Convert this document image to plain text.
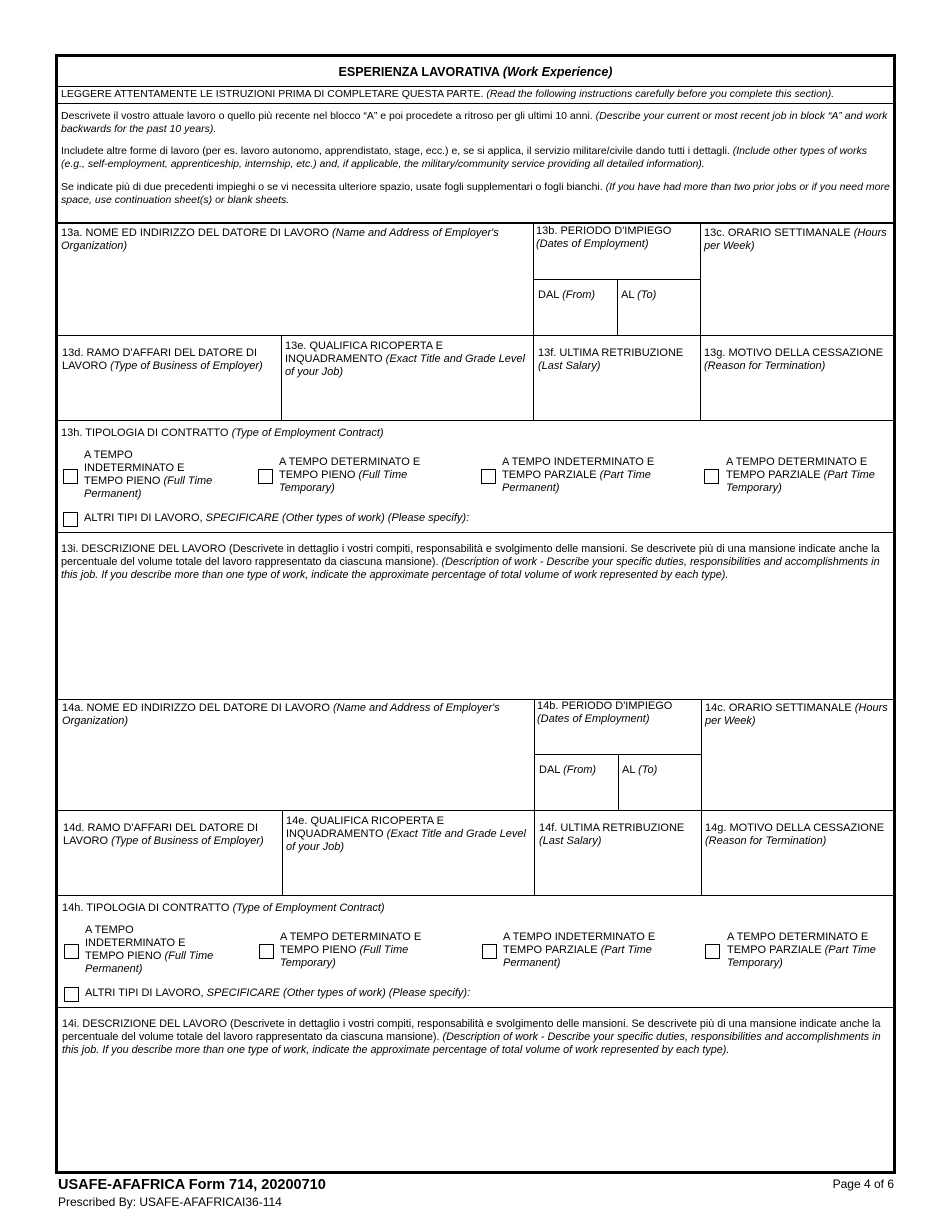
ESPERIENZA LAVORATIVA (Work Experience)
LEGGERE ATTENTAMENTE LE ISTRUZIONI PRIMA DI COMPLETARE QUESTA PARTE. (Read the following instructions carefully before you complete this section).
Descrivete il vostro attuale lavoro o quello più recente nel blocco “A” e poi procedete a ritroso per gli ultimi 10 anni. (Describe your current or most recent job in block “A” and work backwards for the past 10 years).
Includete altre forme di lavoro (per es. lavoro autonomo, apprendistato, stage, ecc.) e, se si applica, il servizio militare/civile dando tutti i dettagli. (Include other types of works (e.g., self-employment, apprenticeship, internship, etc.) and, if applicable, the military/community service providing all detailed information).
Se indicate più di due precedenti impieghi o se vi necessita ulteriore spazio, usate fogli supplementari o fogli bianchi. (If you have had more than two prior jobs or if you need more space, use continuation sheet(s) or blank sheets.
13a. NOME ED INDIRIZZO DEL DATORE DI LAVORO (Name and Address of Employer's Organization)
13b. PERIODO D'IMPIEGO
(Dates of Employment)
13c. ORARIO SETTIMANALE (Hours per Week)
DAL (From) AL (To)
13d. RAMO D'AFFARI DEL DATORE DI LAVORO (Type of Business of Employer)
13e. QUALIFICA RICOPERTA E INQUADRAMENTO (Exact Title and Grade Level of your Job)
13f. ULTIMA RETRIBUZIONE
(Last Salary)
13g. MOTIVO DELLA CESSAZIONE
(Reason for Termination)
13h. TIPOLOGIA DI CONTRATTO (Type of Employment Contract)
A TEMPO INDETERMINATO E TEMPO PIENO (Full Time Permanent)
A TEMPO DETERMINATO E TEMPO PIENO (Full Time Temporary)
A TEMPO INDETERMINATO E TEMPO PARZIALE (Part Time Permanent)
A TEMPO DETERMINATO E TEMPO PARZIALE (Part Time Temporary)
ALTRI TIPI DI LAVORO, SPECIFICARE (Other types of work) (Please specify):
13i. DESCRIZIONE DEL LAVORO (Descrivete in dettaglio i vostri compiti, responsabilità e svolgimento delle mansioni. Se descrivete più di una mansione indicate anche la percentuale del volume totale del lavoro rappresentato da ciascuna mansione). (Description of work - Describe your specific duties, responsibilities and accomplishments in this job. If you describe more than one type of work, indicate the approximate percentage of total volume of work represented by each type).
14a. NOME ED INDIRIZZO DEL DATORE DI LAVORO (Name and Address of Employer's Organization)
14b. PERIODO D'IMPIEGO
(Dates of Employment)
14c. ORARIO SETTIMANALE (Hours per Week)
DAL (From) AL (To)
14d. RAMO D'AFFARI DEL DATORE DI LAVORO (Type of Business of Employer)
14e. QUALIFICA RICOPERTA E INQUADRAMENTO (Exact Title and Grade Level of your Job)
14f. ULTIMA RETRIBUZIONE
(Last Salary)
14g. MOTIVO DELLA CESSAZIONE
(Reason for Termination)
14h. TIPOLOGIA DI CONTRATTO (Type of Employment Contract)
A TEMPO INDETERMINATO E TEMPO PIENO (Full Time Permanent)
A TEMPO DETERMINATO E TEMPO PIENO (Full Time Temporary)
A TEMPO INDETERMINATO E TEMPO PARZIALE (Part Time Permanent)
A TEMPO DETERMINATO E TEMPO PARZIALE (Part Time Temporary)
ALTRI TIPI DI LAVORO, SPECIFICARE (Other types of work) (Please specify):
14i. DESCRIZIONE DEL LAVORO (Descrivete in dettaglio i vostri compiti, responsabilità e svolgimento delle mansioni. Se descrivete più di una mansione indicate anche la percentuale del volume totale del lavoro rappresentato da ciascuna mansione). (Description of work - Describe your specific duties, responsibilities and accomplishments in this job. If you describe more than one type of work, indicate the approximate percentage of total volume of work represented by each type).
USAFE-AFAFRICA Form 714, 20200710
Prescribed By: USAFE-AFAFRICAI36-114
Page 4 of 6
